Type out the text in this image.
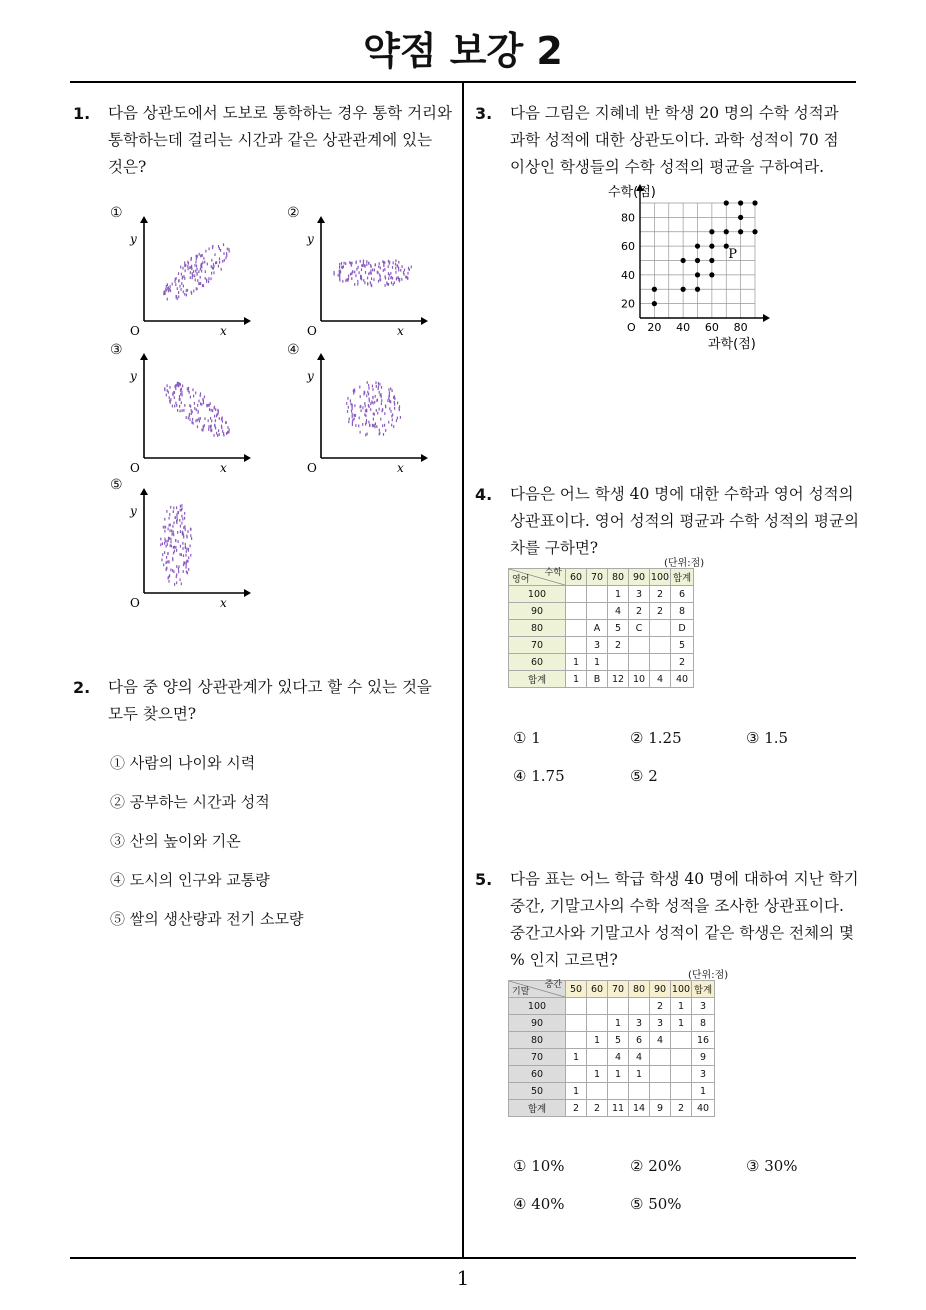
약점 보강 2
1
1. 다음 상관도에서 도보로 통학하는 경우 통학 거리와
통학하는데 걸리는 시간과 같은 상관관계에 있는
것은?
①
x
y
O
②
x
y
O
③
x
y
O
④
x
y
O
⑤
x
y
O
2. 다음 중 양의 상관관계가 있다고 할 수 있는 것을
모두 찾으면?
① 사람의 나이와 시력
② 공부하는 시간과 성적
③ 산의 높이와 기온
④ 도시의 인구와 교통량
⑤ 쌀의 생산량과 전기 소모량
3. 다음 그림은 지혜네 반 학생 20 명의 수학 성적과
과학 성적에 대한 상관도이다. 과학 성적이 70 점
이상인 학생들의 수학 성적의 평균을 구하여라.
20 40 60 80
20
40
60
80
O
수학(점)
과학(점)
P
4. 다음은 어느 학생 40 명에 대한 수학과 영어 성적의
상관표이다. 영어 성적의 평균과 수학 성적의 평균의
차를 구하면?
(단위:점)
수학
영어	60	70	80	90	100	합계
100			1	3	2	6
90			4	2	2	8
80		A	5	C		D
70		3	2			5
60	1	1				2
합계	1	B	12	10	4	40
① 1	② 1.25	③ 1.5
④ 1.75	⑤ 2
5. 다음 표는 어느 학급 학생 40 명에 대하여 지난 학기
중간, 기말고사의 수학 성적을 조사한 상관표이다.
중간고사와 기말고사 성적이 같은 학생은 전체의 몇
% 인지 고르면?
(단위:점)
중간
기말	50	60	70	80	90	100	합계
100					2	1	3
90			1	3	3	1	8
80		1	5	6	4		16
70	1		4	4			9
60		1	1	1			3
50	1						1
합계	2	2	11	14	9	2	40
① 10%	② 20%	③ 30%
④ 40%	⑤ 50%
